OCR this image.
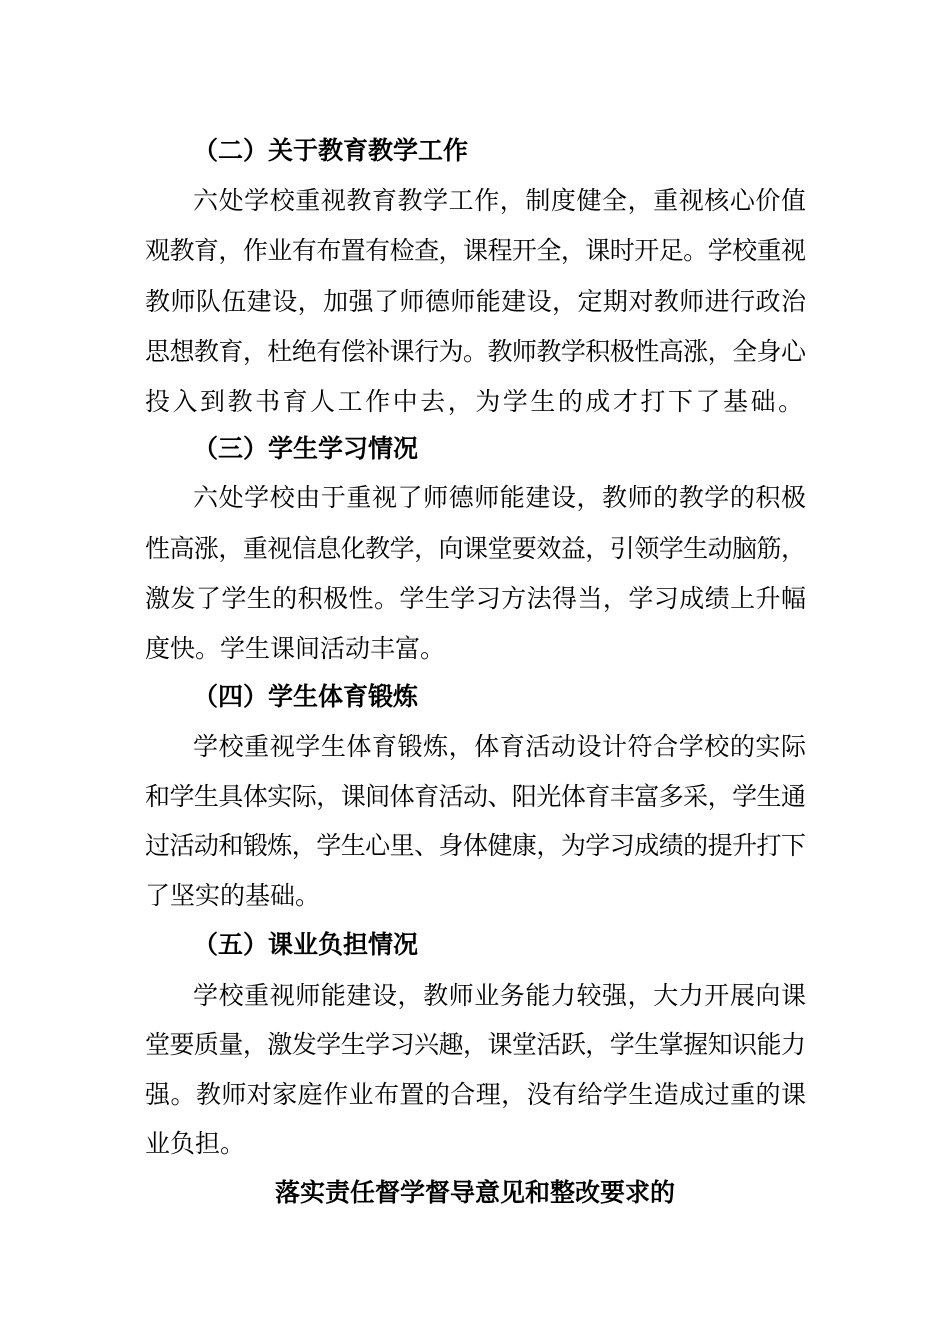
（二）关于教育教学工作
六处学校重视教育教学工作，制度健全，重视核心价值
观教育，作业有布置有检查，课程开全，课时开足。学校重视
教师队伍建设，加强了师德师能建设，定期对教师进行政治
思想教育，杜绝有偿补课行为。教师教学积极性高涨，全身心
投入到教书育人工作中去，为学生的成才打下了基础。
（三）学生学习情况
六处学校由于重视了师德师能建设，教师的教学的积极
性高涨，重视信息化教学，向课堂要效益，引领学生动脑筋，
激发了学生的积极性。学生学习方法得当，学习成绩上升幅
度快。学生课间活动丰富。
（四）学生体育锻炼
学校重视学生体育锻炼，体育活动设计符合学校的实际
和学生具体实际，课间体育活动、阳光体育丰富多采，学生通
过活动和锻炼，学生心里、身体健康，为学习成绩的提升打下
了坚实的基础。
（五）课业负担情况
学校重视师能建设，教师业务能力较强，大力开展向课
堂要质量，激发学生学习兴趣，课堂活跃，学生掌握知识能力
强。教师对家庭作业布置的合理，没有给学生造成过重的课
业负担。
落实责任督学督导意见和整改要求的
